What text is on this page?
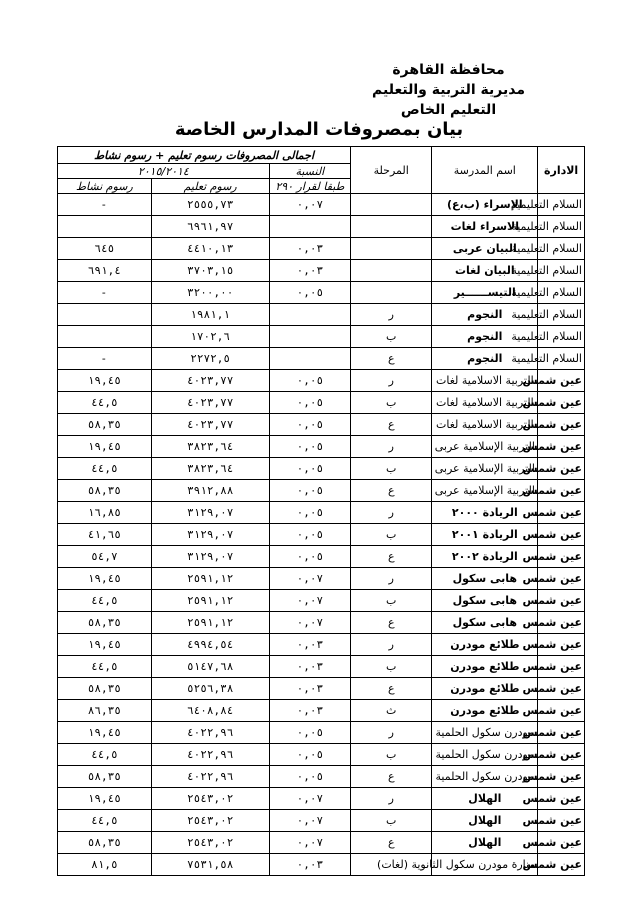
محافظة القاهرة
مديرية التربية والتعليم
التعليم الخاص
بيان بمصروفات المدارس الخاصة
الادارة	اسم المدرسة	المرحلة	اجمالى المصروفات رسوم تعليم + رسوم نشاط		
			النسبة	٢٠١٥/٢٠١٤	
			طبقا لقرار ٢٩٠	رسوم تعليم	رسوم نشاط
السلام التعليمية	الإسراء (ب،ع)		٠,٠٧	٢٥٥٥,٧٣	-
السلام التعليمية	الاسراء لغات			٦٩٦١,٩٧	
السلام التعليمية	البيان عربى		٠,٠٣	٤٤١٠,١٣	٦٤٥
السلام التعليمية	البيان لغات		٠,٠٣	٣٧٠٣,١٥	٦٩١,٤
السلام التعليمية	التيســــــير		٠,٠٥	٣٢٠٠,٠٠	-
السلام التعليمية	النجوم	ر		١٩٨١,١	
السلام التعليمية	النجوم	ب		١٧٠٢,٦	
السلام التعليمية	النجوم	ع		٢٢٧٢,٥	-
عين شمس	التربية الاسلامية لغات	ر	٠,٠٥	٤٠٢٣,٧٧	١٩,٤٥
عين شمس	التربية الاسلامية لغات	ب	٠,٠٥	٤٠٢٣,٧٧	٤٤,٥
عين شمس	التربية الاسلامية لغات	ع	٠,٠٥	٤٠٢٣,٧٧	٥٨,٣٥
عين شمس	التربية الإسلامية عربى	ر	٠,٠٥	٣٨٢٣,٦٤	١٩,٤٥
عين شمس	التربية الإسلامية عربى	ب	٠,٠٥	٣٨٢٣,٦٤	٤٤,٥
عين شمس	التربية الإسلامية عربى	ع	٠,٠٥	٣٩١٢,٨٨	٥٨,٣٥
عين شمس	الريادة ٢٠٠٠	ر	٠,٠٥	٣١٢٩,٠٧	١٦,٨٥
عين شمس	الريادة ٢٠٠١	ب	٠,٠٥	٣١٢٩,٠٧	٤١,٦٥
عين شمس	الريادة ٢٠٠٢	ع	٠,٠٥	٣١٢٩,٠٧	٥٤,٧
عين شمس	هابى سكول	ر	٠,٠٧	٢٥٩١,١٢	١٩,٤٥
عين شمس	هابى سكول	ب	٠,٠٧	٢٥٩١,١٢	٤٤,٥
عين شمس	هابى سكول	ع	٠,٠٧	٢٥٩١,١٢	٥٨,٣٥
عين شمس	طلائع مودرن	ر	٠,٠٣	٤٩٩٤,٥٤	١٩,٤٥
عين شمس	طلائع مودرن	ب	٠,٠٣	٥١٤٧,٦٨	٤٤,٥
عين شمس	طلائع مودرن	ع	٠,٠٣	٥٢٥٦,٣٨	٥٨,٣٥
عين شمس	طلائع مودرن	ث	٠,٠٣	٦٤٠٨,٨٤	٨٦,٣٥
عين شمس	مودرن سكول الحلمية	ر	٠,٠٥	٤٠٢٢,٩٦	١٩,٤٥
عين شمس	مودرن سكول الحلمية	ب	٠,٠٥	٤٠٢٢,٩٦	٤٤,٥
عين شمس	مودرن سكول الحلمية	ع	٠,٠٥	٤٠٢٢,٩٦	٥٨,٣٥
عين شمس	الهلال	ر	٠,٠٧	٢٥٤٣,٠٢	١٩,٤٥
عين شمس	الهلال	ب	٠,٠٧	٢٥٤٣,٠٢	٤٤,٥
عين شمس	الهلال	ع	٠,٠٧	٢٥٤٣,٠٢	٥٨,٣٥
عين شمس	منارة مودرن سكول الثانوية (لغات)		٠,٠٣	٧٥٣١,٥٨	٨١,٥
